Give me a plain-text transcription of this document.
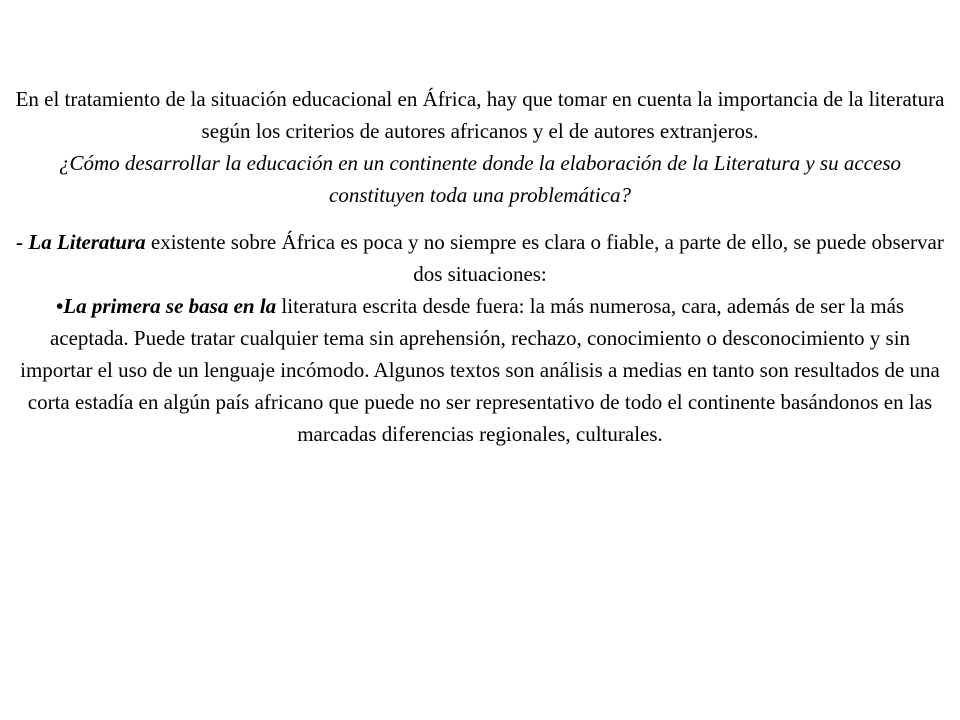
En el tratamiento de la situación educacional en África, hay que tomar en cuenta la importancia de la literatura según los criterios de autores africanos y el de autores extranjeros.

¿Cómo desarrollar la educación en un continente donde la elaboración de la Literatura y su acceso constituyen toda una problemática?

- La Literatura existente sobre África es poca y no siempre es clara o fiable, a parte de ello, se puede observar dos situaciones:

•La primera se basa en la literatura escrita desde fuera: la más numerosa, cara, además de ser la más aceptada. Puede tratar cualquier tema sin aprehensión, rechazo, conocimiento o desconocimiento y sin importar el uso de un lenguaje incómodo. Algunos textos son análisis a medias en tanto son resultados de una corta estadía en algún país africano que puede no ser representativo de todo el continente basándonos en las marcadas diferencias regionales, culturales.
